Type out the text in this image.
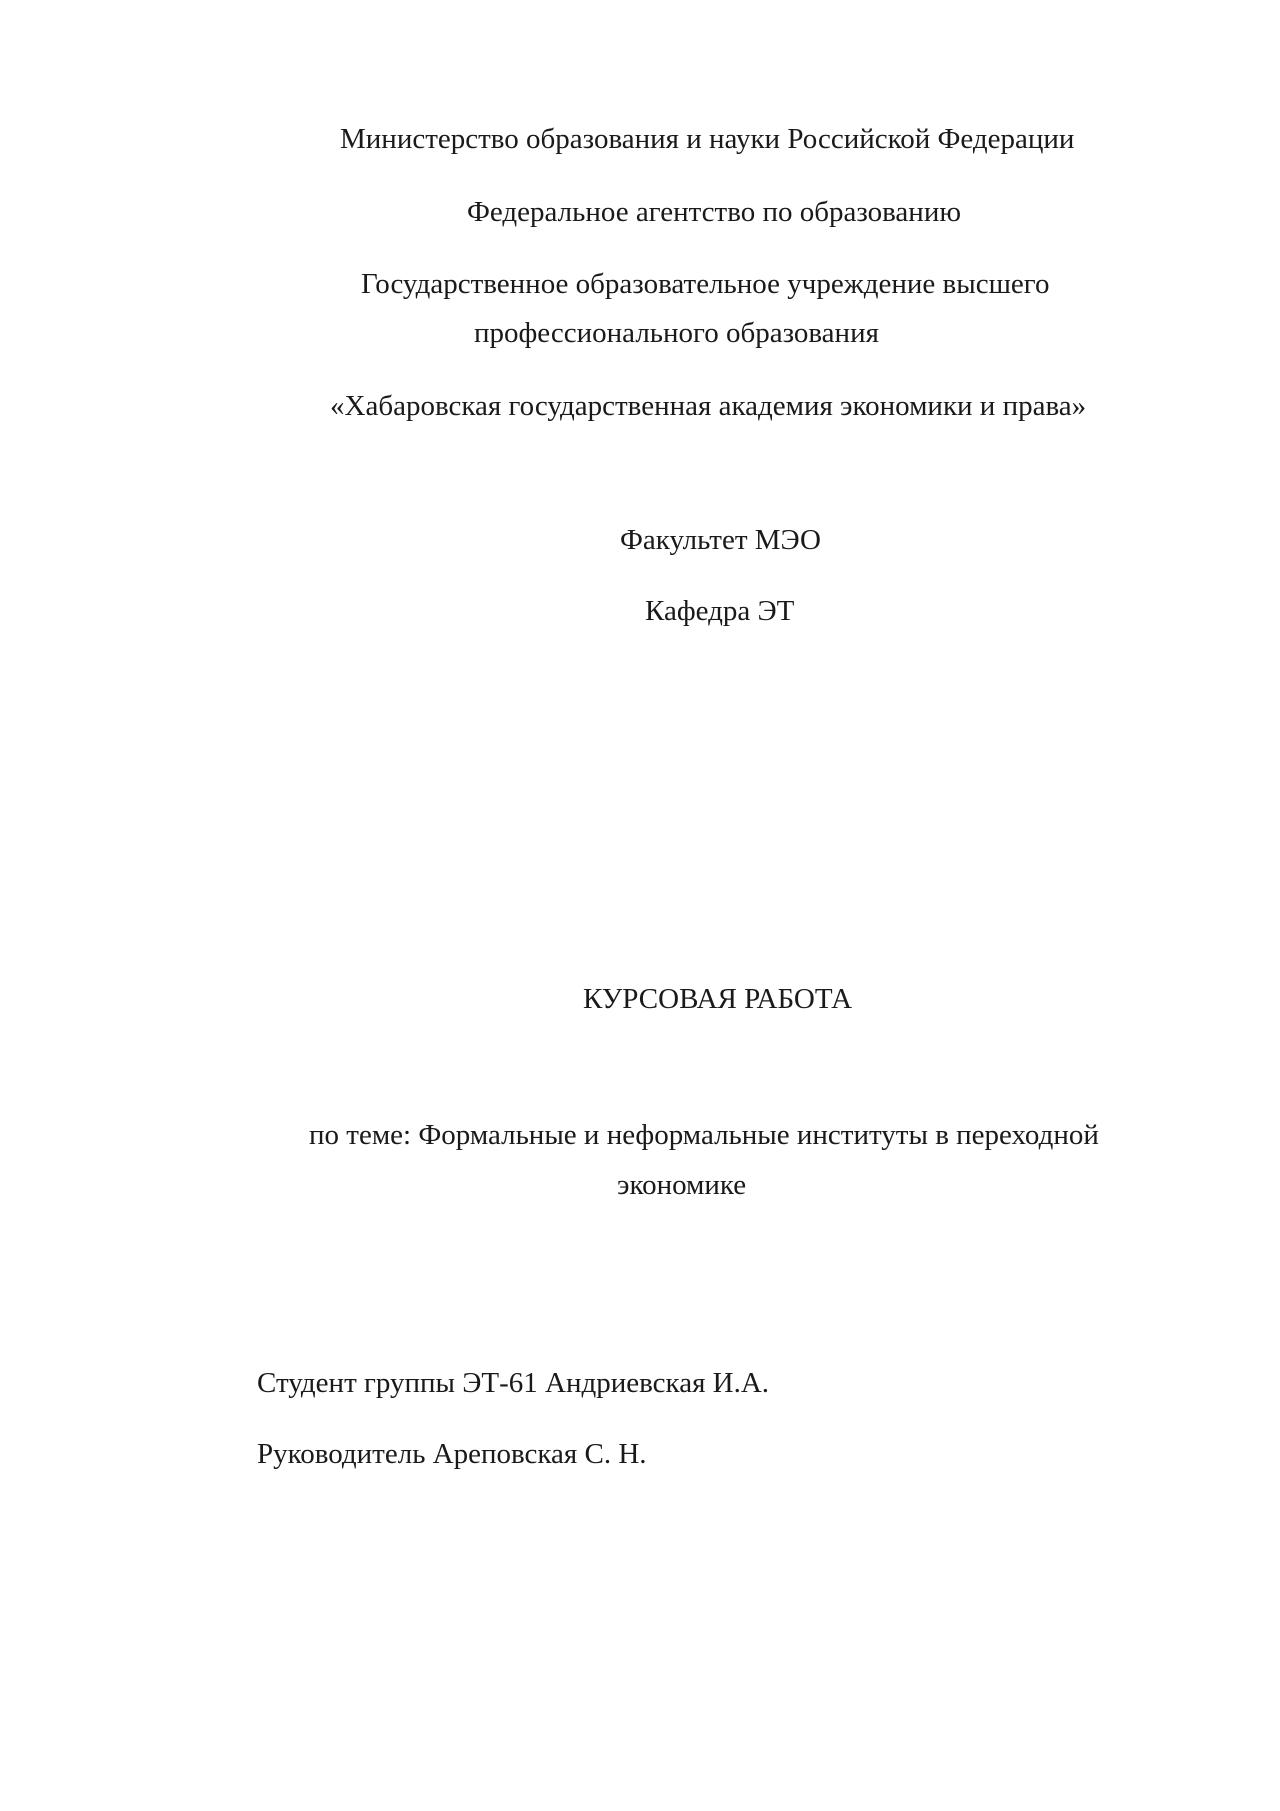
Министерство образования и науки Российской Федерации
Федеральное агентство по образованию
Государственное образовательное учреждение высшего
профессионального образования
«Хабаровская государственная академия экономики и права»
Факультет МЭО
Кафедра ЭТ
КУРСОВАЯ РАБОТА
по теме: Формальные и неформальные институты в переходной
экономике
Студент группы ЭТ-61 Андриевская И.А.
Руководитель Ареповская С. Н.
